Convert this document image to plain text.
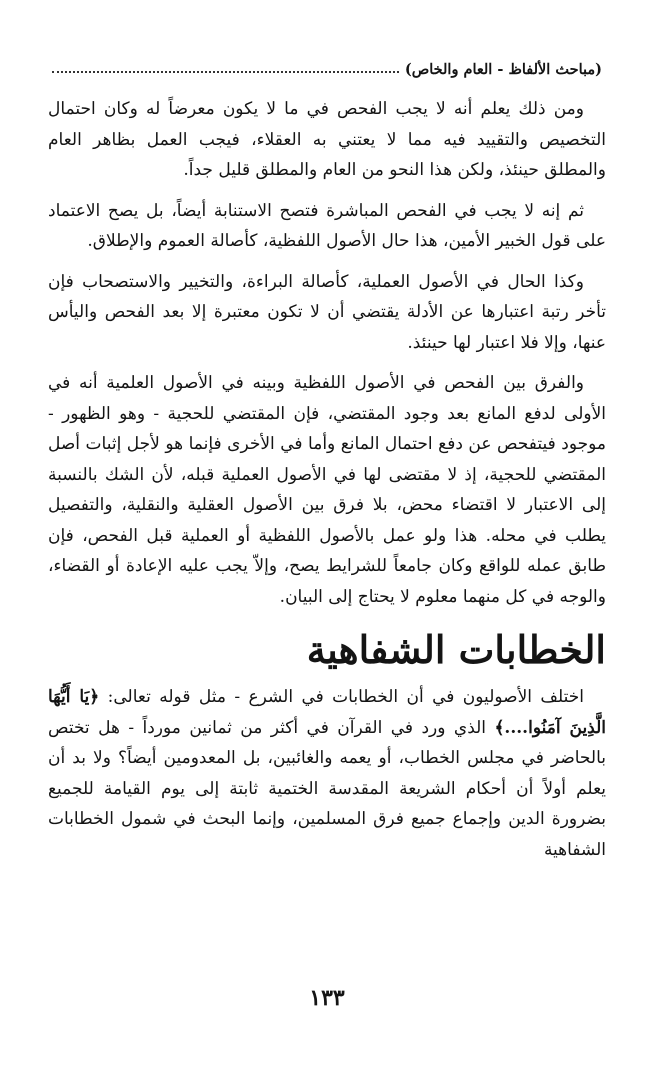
(مباحث الألفاظ - العام والخاص)

ومن ذلك يعلم أنه لا يجب الفحص في ما لا يكون معرضاً له وكان احتمال التخصيص والتقييد فيه مما لا يعتني به العقلاء، فيجب العمل بظاهر العام والمطلق حينئذ، ولكن هذا النحو من العام والمطلق قليل جداً.

ثم إنه لا يجب في الفحص المباشرة فتصح الاستنابة أيضاً، بل يصح الاعتماد على قول الخبير الأمين، هذا حال الأصول اللفظية، كأصالة العموم والإطلاق.

وكذا الحال في الأصول العملية، كأصالة البراءة، والتخيير والاستصحاب فإن تأخر رتبة اعتبارها عن الأدلة يقتضي أن لا تكون معتبرة إلا بعد الفحص واليأس عنها، وإلا فلا اعتبار لها حينئذ.

والفرق بين الفحص في الأصول اللفظية وبينه في الأصول العلمية أنه في الأولى لدفع المانع بعد وجود المقتضي، فإن المقتضي للحجية - وهو الظهور - موجود فيتفحص عن دفع احتمال المانع وأما في الأخرى فإنما هو لأجل إثبات أصل المقتضي للحجية، إذ لا مقتضى لها في الأصول العملية قبله، لأن الشك بالنسبة إلى الاعتبار لا اقتضاء محض، بلا فرق بين الأصول العقلية والنقلية، والتفصيل يطلب في محله. هذا ولو عمل بالأصول اللفظية أو العملية قبل الفحص، فإن طابق عمله للواقع وكان جامعاً للشرايط يصح، وإلاّ يجب عليه الإعادة أو القضاء، والوجه في كل منهما معلوم لا يحتاج إلى البيان.

الخطابات الشفاهية

اختلف الأصوليون في أن الخطابات في الشرع - مثل قوله تعالى: ﴿يَا أَيُّهَا الَّذِينَ آمَنُوا....﴾ الذي ورد في القرآن في أكثر من ثمانين مورداً - هل تختص بالحاضر في مجلس الخطاب، أو يعمه والغائبين، بل المعدومين أيضاً؟ ولا بد أن يعلم أولاً أن أحكام الشريعة المقدسة الختمية ثابتة إلى يوم القيامة للجميع بضرورة الدين وإجماع جميع فرق المسلمين، وإنما البحث في شمول الخطابات الشفاهية

١٣٣
